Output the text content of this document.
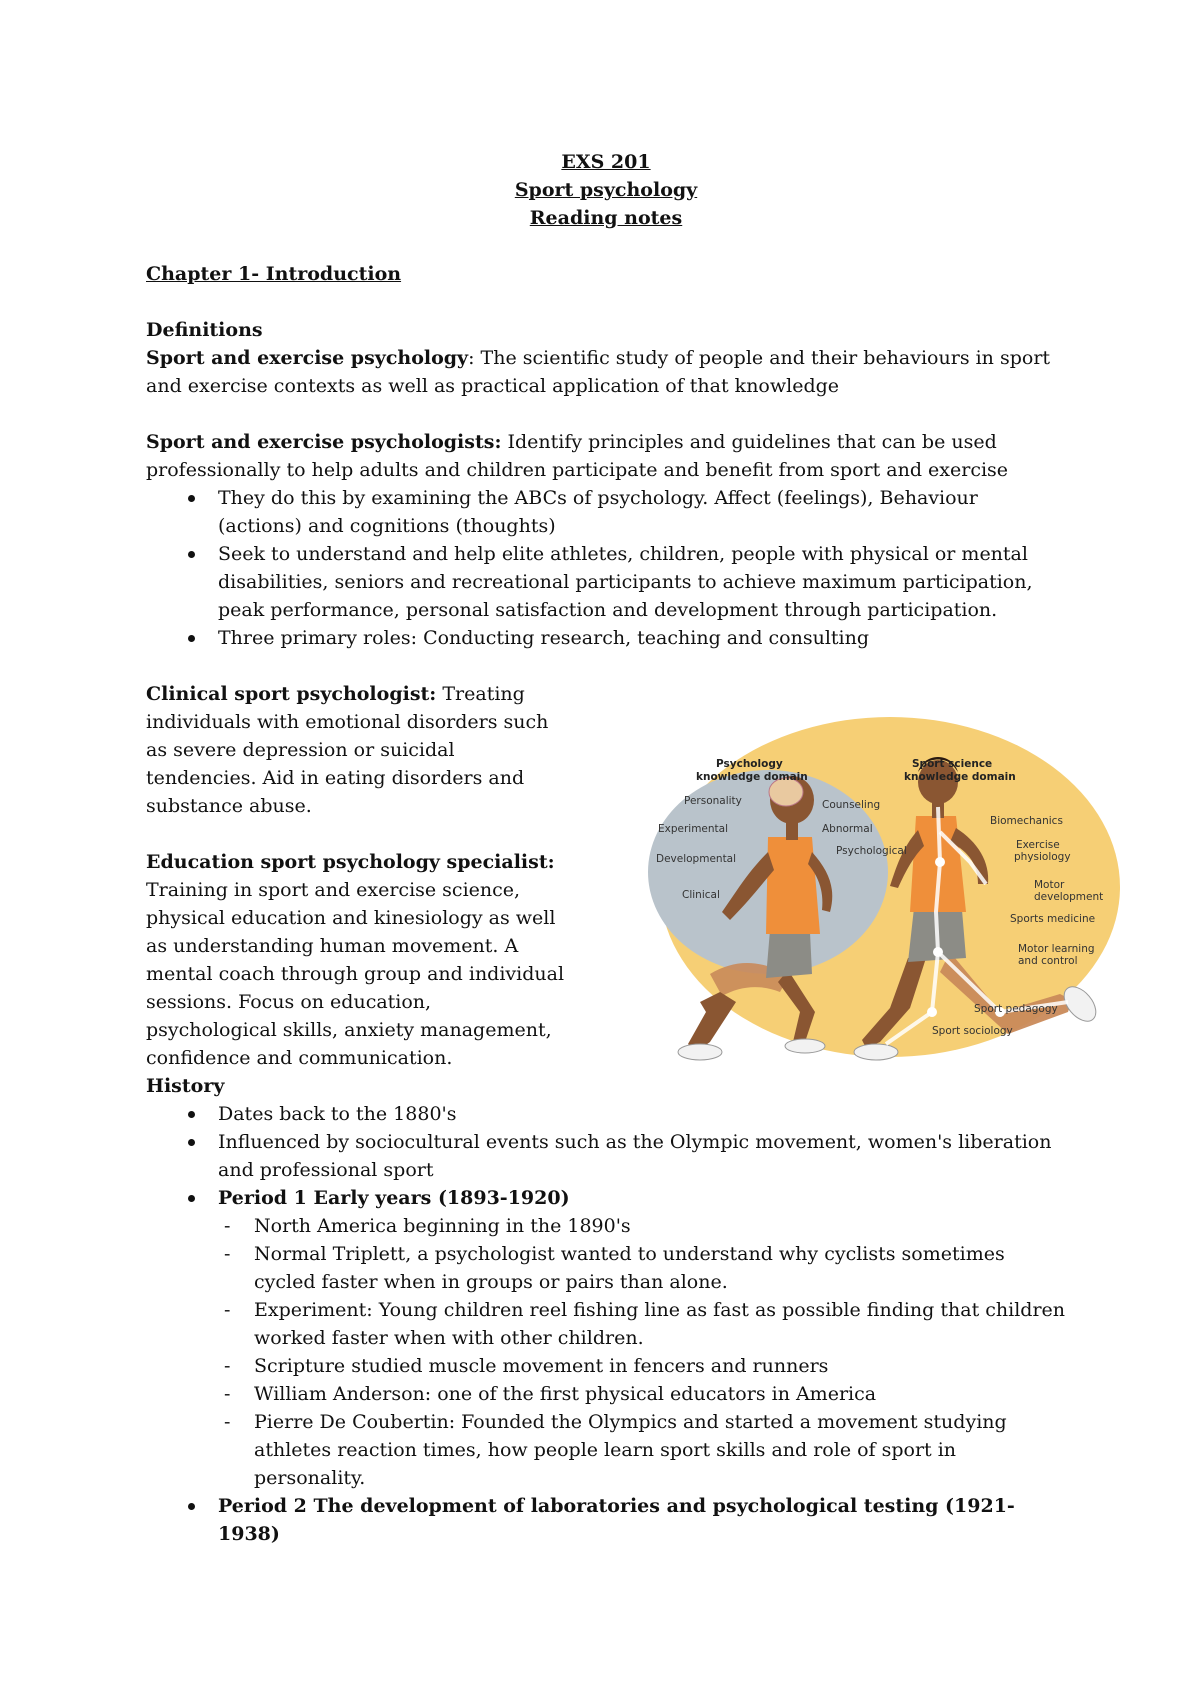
EXS 201

Sport psychology

Reading notes

Chapter 1- Introduction

Definitions

Sport and exercise psychology: The scientific study of people and their behaviours in sport and exercise contexts as well as practical application of that knowledge

Sport and exercise psychologists: Identify principles and guidelines that can be used professionally to help adults and children participate and benefit from sport and exercise

They do this by examining the ABCs of psychology. Affect (feelings), Behaviour (actions) and cognitions (thoughts)
Seek to understand and help elite athletes, children, people with physical or mental disabilities, seniors and recreational participants to achieve maximum participation, peak performance, personal satisfaction and development through participation.
Three primary roles: Conducting research, teaching and consulting

Clinical sport psychologist: Treating individuals with emotional disorders such as severe depression or suicidal tendencies. Aid in eating disorders and substance abuse.

Education sport psychology specialist:

Training in sport and exercise science, physical education and kinesiology as well as understanding human movement. A mental coach through group and individual sessions. Focus on education, psychological skills, anxiety management, confidence and communication.

Psychology
knowledge domain
Personality
Experimental
Developmental
Clinical
Counseling
Abnormal
Psychological
Sport science
knowledge domain
Biomechanics
Exercise
physiology
Motor
development
Sports medicine
Motor learning
and control
Sport pedagogy
Sport sociology

History

Dates back to the 1880's
Influenced by sociocultural events such as the Olympic movement, women's liberation and professional sport
Period 1 Early years (1893-1920)
- North America beginning in the 1890's
- Normal Triplett, a psychologist wanted to understand why cyclists sometimes cycled faster when in groups or pairs than alone.
- Experiment: Young children reel fishing line as fast as possible finding that children worked faster when with other children.
- Scripture studied muscle movement in fencers and runners
- William Anderson: one of the first physical educators in America
- Pierre De Coubertin: Founded the Olympics and started a movement studying athletes reaction times, how people learn sport skills and role of sport in personality.
Period 2 The development of laboratories and psychological testing (1921-1938)
